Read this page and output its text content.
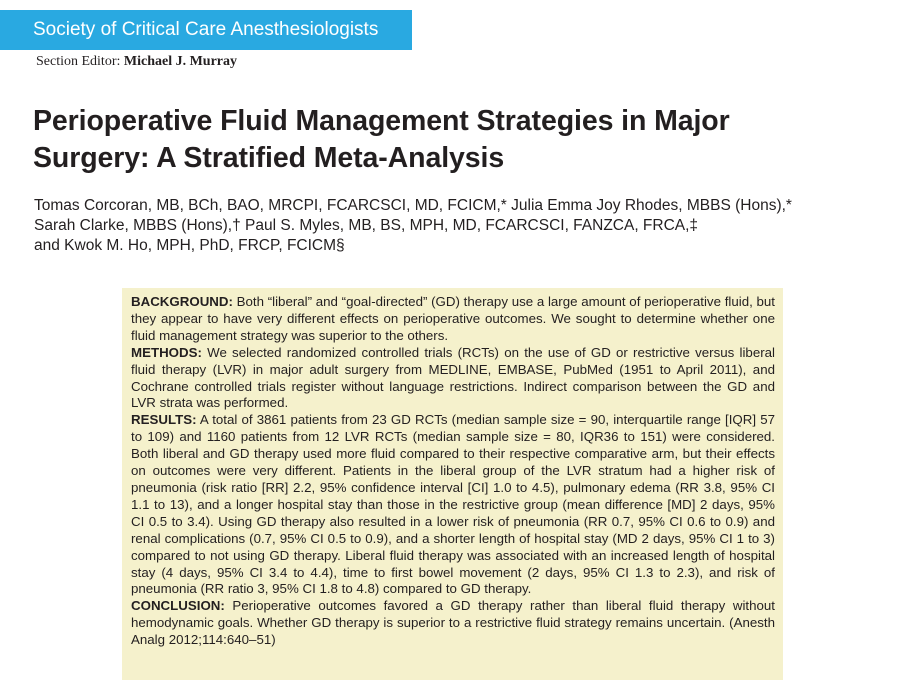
Society of Critical Care Anesthesiologists
Section Editor: Michael J. Murray
Perioperative Fluid Management Strategies in Major
Surgery: A Stratified Meta-Analysis
Tomas Corcoran, MB, BCh, BAO, MRCPI, FCARCSCI, MD, FCICM,* Julia Emma Joy Rhodes, MBBS (Hons),*
Sarah Clarke, MBBS (Hons),† Paul S. Myles, MB, BS, MPH, MD, FCARCSCI, FANZCA, FRCA,‡
and Kwok M. Ho, MPH, PhD, FRCP, FCICM§

BACKGROUND: Both “liberal” and “goal-directed” (GD) therapy use a large amount of perioperative fluid, but they appear to have very different effects on perioperative outcomes. We sought to determine whether one fluid management strategy was superior to the others.

METHODS: We selected randomized controlled trials (RCTs) on the use of GD or restrictive versus liberal fluid therapy (LVR) in major adult surgery from MEDLINE, EMBASE, PubMed (1951 to April 2011), and Cochrane controlled trials register without language restrictions. Indirect comparison between the GD and LVR strata was performed.

RESULTS: A total of 3861 patients from 23 GD RCTs (median sample size = 90, interquartile range [IQR] 57 to 109) and 1160 patients from 12 LVR RCTs (median sample size = 80, IQR36 to 151) were considered. Both liberal and GD therapy used more fluid compared to their respective comparative arm, but their effects on outcomes were very different. Patients in the liberal group of the LVR stratum had a higher risk of pneumonia (risk ratio [RR] 2.2, 95% confidence interval [CI] 1.0 to 4.5), pulmonary edema (RR 3.8, 95% CI 1.1 to 13), and a longer hospital stay than those in the restrictive group (mean difference [MD] 2 days, 95% CI 0.5 to 3.4). Using GD therapy also resulted in a lower risk of pneumonia (RR 0.7, 95% CI 0.6 to 0.9) and renal complications (0.7, 95% CI 0.5 to 0.9), and a shorter length of hospital stay (MD 2 days, 95% CI 1 to 3) compared to not using GD therapy. Liberal fluid therapy was associated with an increased length of hospital stay (4 days, 95% CI 3.4 to 4.4), time to first bowel movement (2 days, 95% CI 1.3 to 2.3), and risk of pneumonia (RR ratio 3, 95% CI 1.8 to 4.8) compared to GD therapy.

CONCLUSION: Perioperative outcomes favored a GD therapy rather than liberal fluid therapy without hemodynamic goals. Whether GD therapy is superior to a restrictive fluid strategy remains uncertain. (Anesth Analg 2012;114:640–51)
